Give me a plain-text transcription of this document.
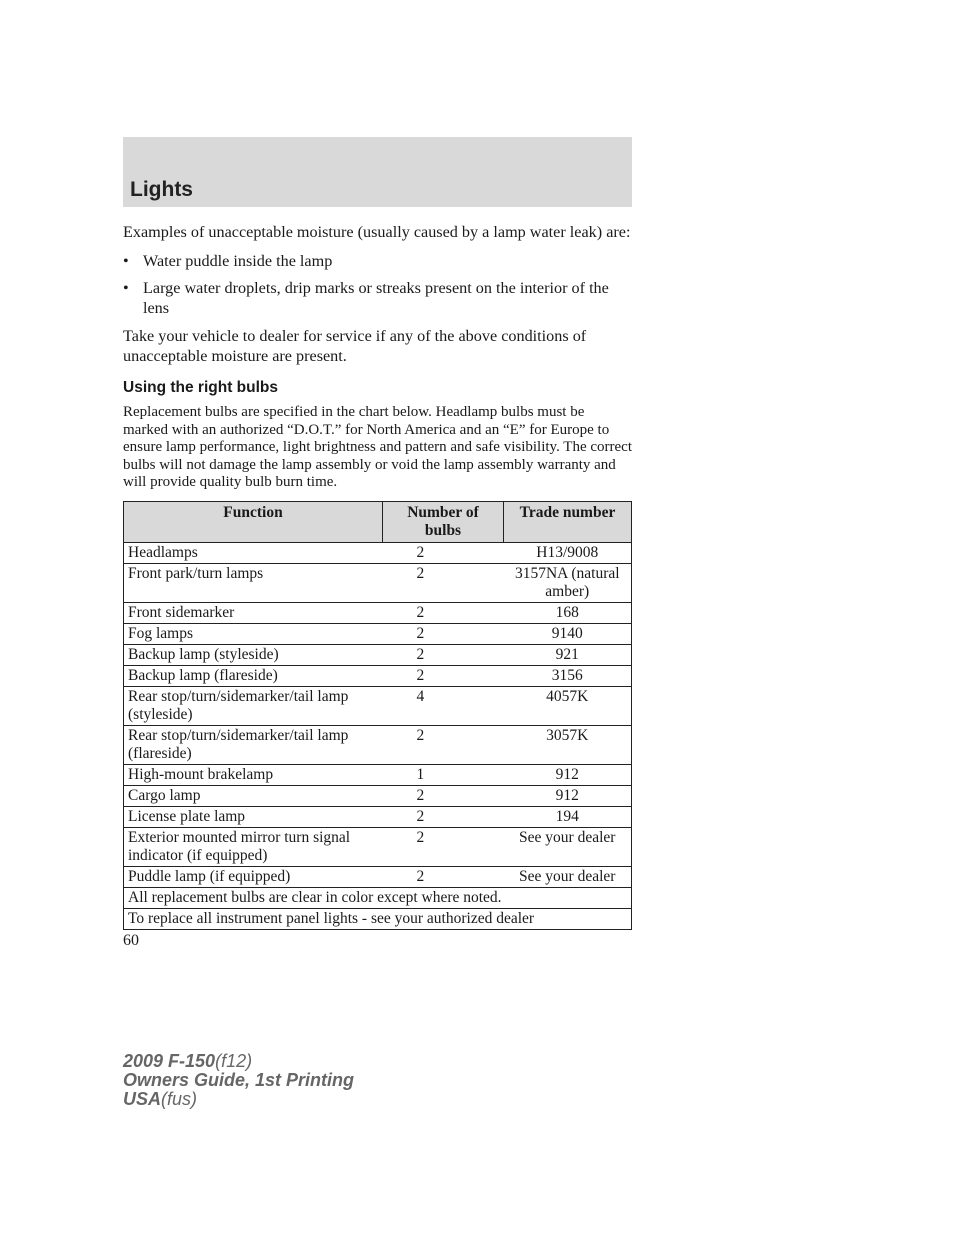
Lights

Examples of unacceptable moisture (usually caused by a lamp water leak) are:

• Water puddle inside the lamp
• Large water droplets, drip marks or streaks present on the interior of the lens

Take your vehicle to dealer for service if any of the above conditions of unacceptable moisture are present.

Using the right bulbs

Replacement bulbs are specified in the chart below. Headlamp bulbs must be marked with an authorized “D.O.T.” for North America and an “E” for Europe to ensure lamp performance, light brightness and pattern and safe visibility. The correct bulbs will not damage the lamp assembly or void the lamp assembly warranty and will provide quality bulb burn time.

Function	Number of bulbs	Trade number
Headlamps	2	H13/9008
Front park/turn lamps	2	3157NA (natural amber)
Front sidemarker	2	168
Fog lamps	2	9140
Backup lamp (styleside)	2	921
Backup lamp (flareside)	2	3156
Rear stop/turn/sidemarker/tail lamp (styleside)	4	4057K
Rear stop/turn/sidemarker/tail lamp (flareside)	2	3057K
High-mount brakelamp	1	912
Cargo lamp	2	912
License plate lamp	2	194
Exterior mounted mirror turn signal indicator (if equipped)	2	See your dealer
Puddle lamp (if equipped)	2	See your dealer
All replacement bulbs are clear in color except where noted.		
To replace all instrument panel lights - see your authorized dealer		
60
2009 F-150(f12)
Owners Guide, 1st Printing
USA(fus)
